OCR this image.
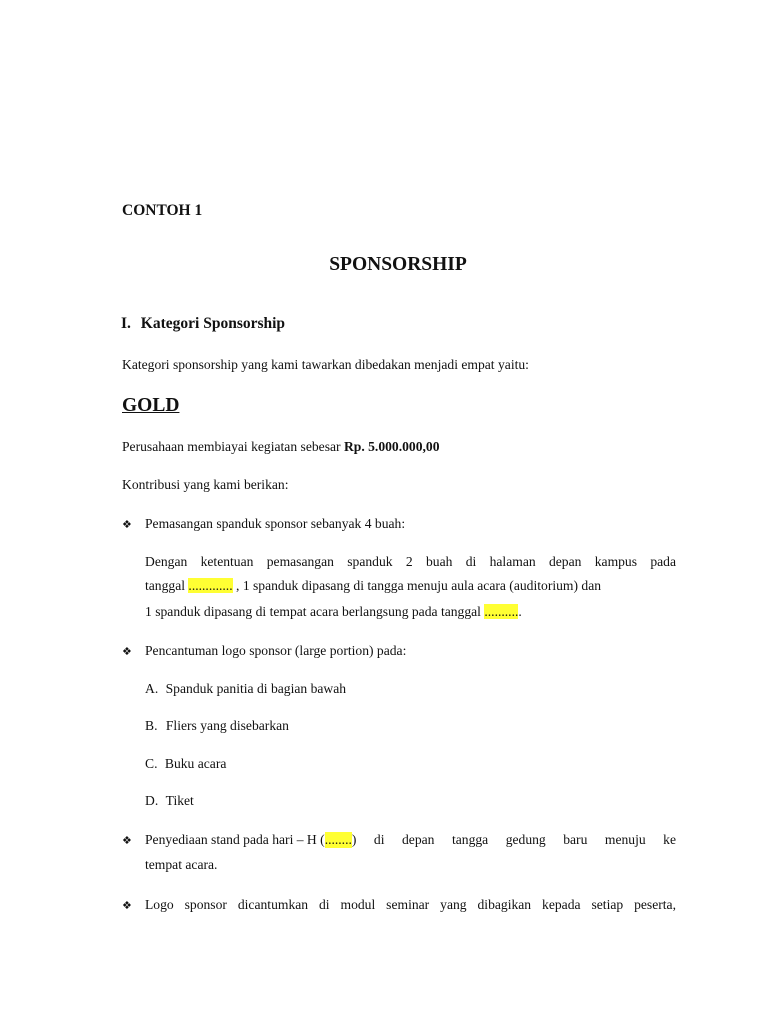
CONTOH 1
SPONSORSHIP
I. Kategori Sponsorship
Kategori sponsorship yang kami tawarkan dibedakan menjadi empat yaitu:
GOLD
Perusahaan membiayai kegiatan sebesar Rp. 5.000.000,00
Kontribusi yang kami berikan:
❖ Pemasangan spanduk sponsor sebanyak 4 buah:
Dengan ketentuan pemasangan spanduk 2 buah di halaman depan kampus pada
tanggal ............. , 1 spanduk dipasang di tangga menuju aula acara (auditorium) dan
1 spanduk dipasang di tempat acara berlangsung pada tanggal ...........
❖ Pencantuman logo sponsor (large portion) pada:
A. Spanduk panitia di bagian bawah
B. Fliers yang disebarkan
C. Buku acara
D. Tiket
❖ Penyediaan stand pada hari – H ( ........ ) di depan tangga gedung baru menuju ke
tempat acara.
❖ Logo sponsor dicantumkan di modul seminar yang dibagikan kepada setiap peserta,
